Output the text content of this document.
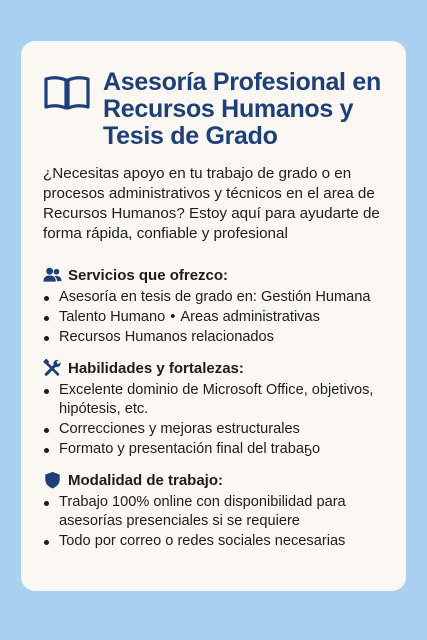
Asesoría Profesional en
Recursos Humanos y
Tesis de Grado

¿Necesitas apoyo en tu trabajo de grado o en procesos administrativos y técnicos en el area de Recursos Humanos? Estoy aquí para ayudarte de forma rápida, confiable y profesional

Servicios que ofrezco:
Asesoría en tesis de grado en: Gestión Humana
Talento Humano • Areas administrativas
Recursos Humanos relacionados
Habilidades y fortalezas:
Excelente dominio de Microsoft Office, objetivos, hipótesis, etc.
Correcciones y mejoras estructurales
Formato y presentación final del trabaҕo
Modalidad de trabajo:
Trabajo 100% online con disponibilidad para asesorías presenciales si se requiere
Todo por correo o redes sociales necesarias
